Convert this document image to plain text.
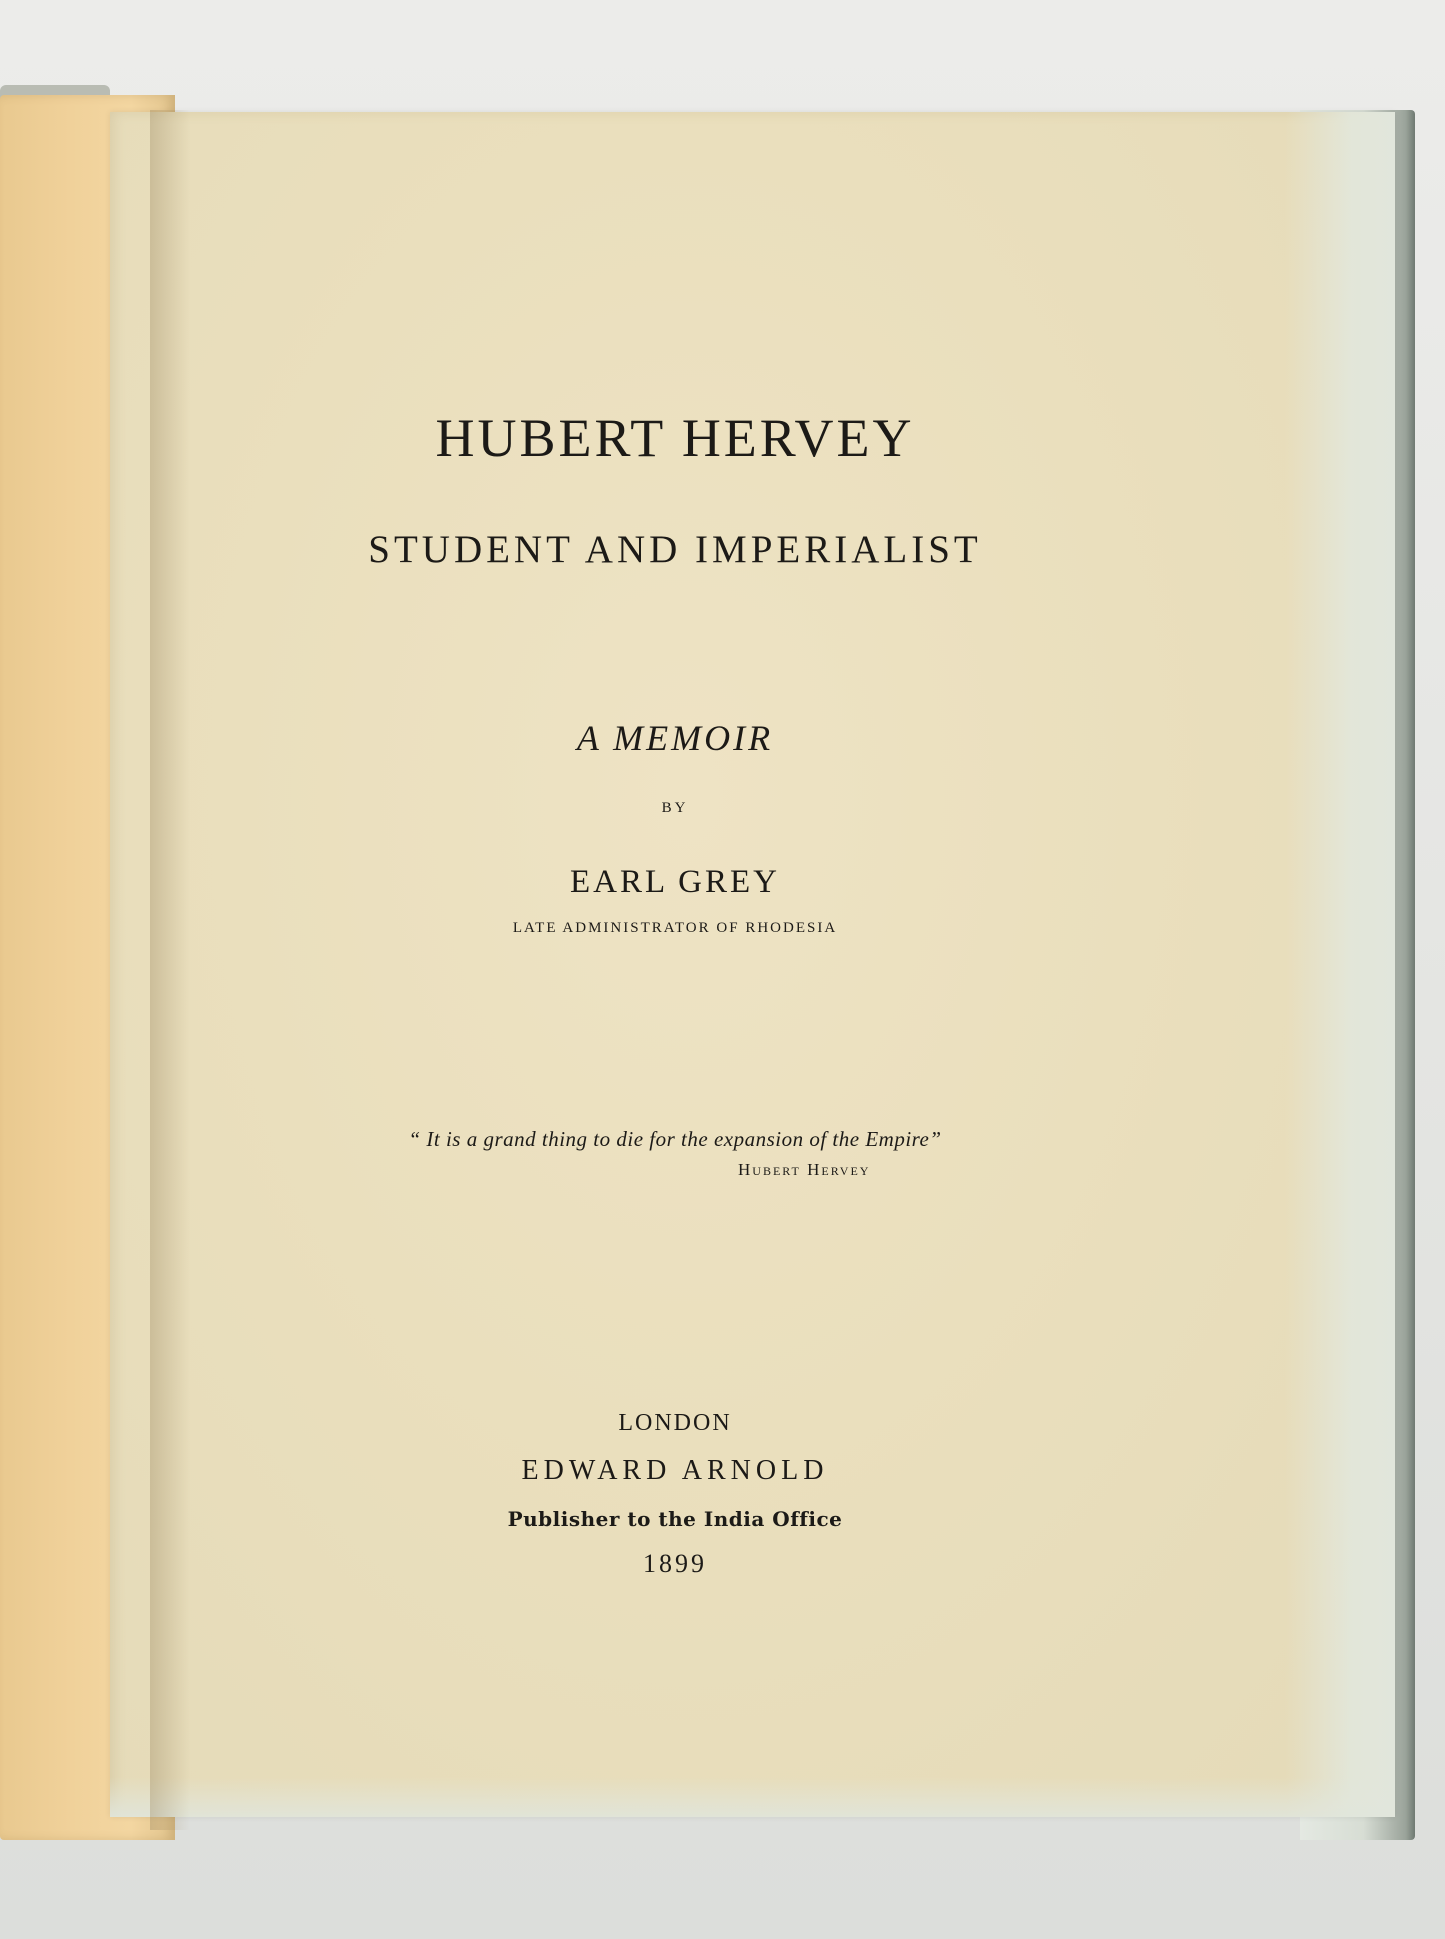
HUBERT HERVEY
STUDENT AND IMPERIALIST
A MEMOIR
BY
EARL GREY
LATE ADMINISTRATOR OF RHODESIA
“ It is a grand thing to die for the expansion of the Empire”
Hubert Hervey
LONDON
EDWARD ARNOLD
Publisher to the India Office
1899
